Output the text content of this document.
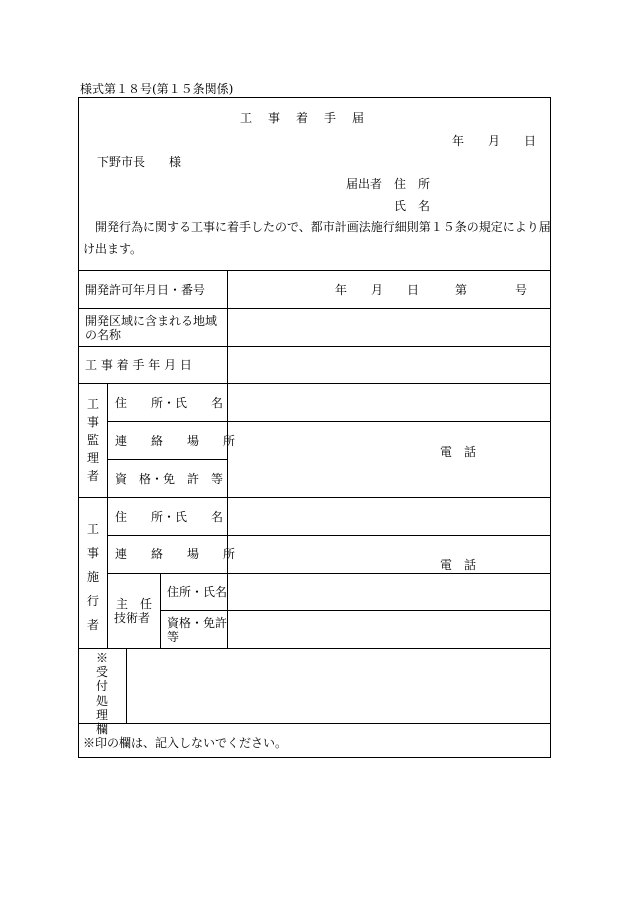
様式第１８号(第１５条関係)
工　事　着　手　届
年　　月　　日
下野市長　　様
届出者　住　所
氏　名
　開発行為に関する工事に着手したので、都市計画法施行細則第１５条の規定により届
け出ます。
開発許可年月日・番号	年　　月　　日　　　第　　　　号
開発区域に含まれる地域
の名称
工 事 着 手 年 月 日
工事監理者
住　　所・氏　　名
連　　絡　　場　　所
資　格・免　許　等
電　話
工事施行者
住　　所・氏　　名
連　　絡　　場　　所
電　話
主　任
技術者
住所・氏名
資格・免許等
※受付処理欄
※印の欄は、記入しないでください。
